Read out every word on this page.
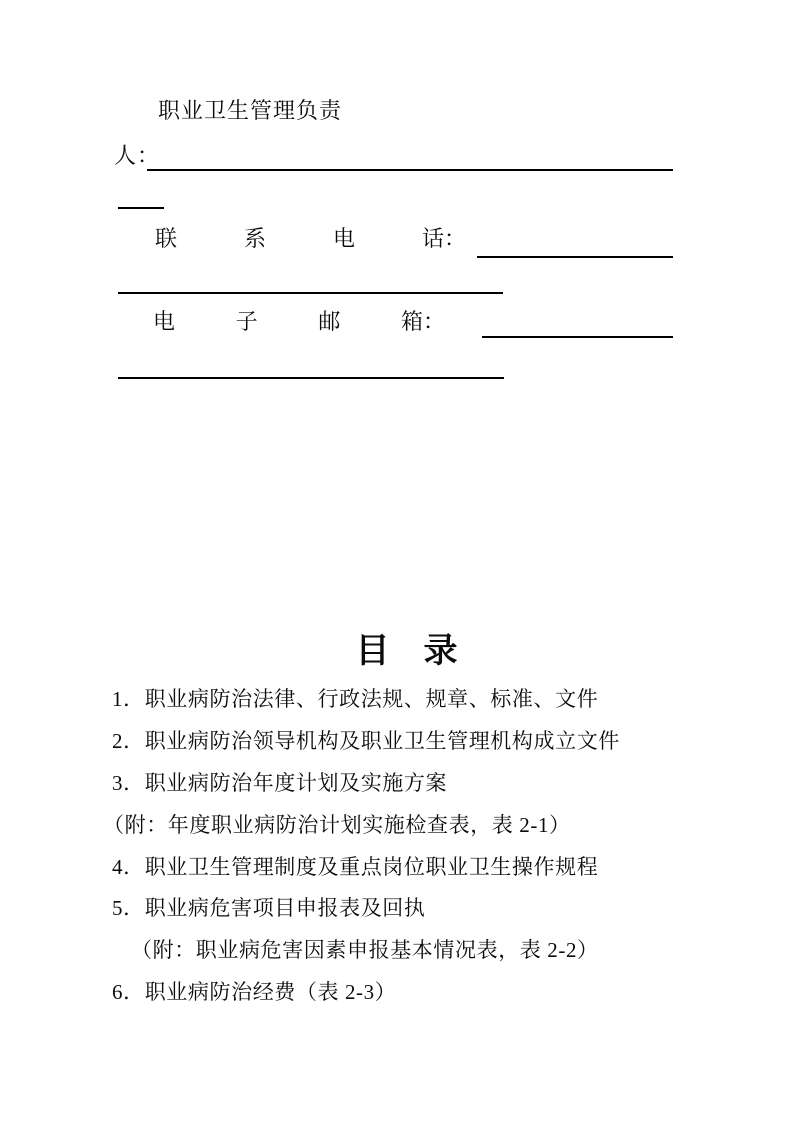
职业卫生管理负责
人：
联	系	电	话：
电	子	邮	箱：
目　录
1．职业病防治法律、行政法规、规章、标准、文件
2．职业病防治领导机构及职业卫生管理机构成立文件
3．职业病防治年度计划及实施方案
（附：年度职业病防治计划实施检查表，表 2-1）
4．职业卫生管理制度及重点岗位职业卫生操作规程
5．职业病危害项目申报表及回执
（附：职业病危害因素申报基本情况表，表 2-2）
6．职业病防治经费（表 2-3）
